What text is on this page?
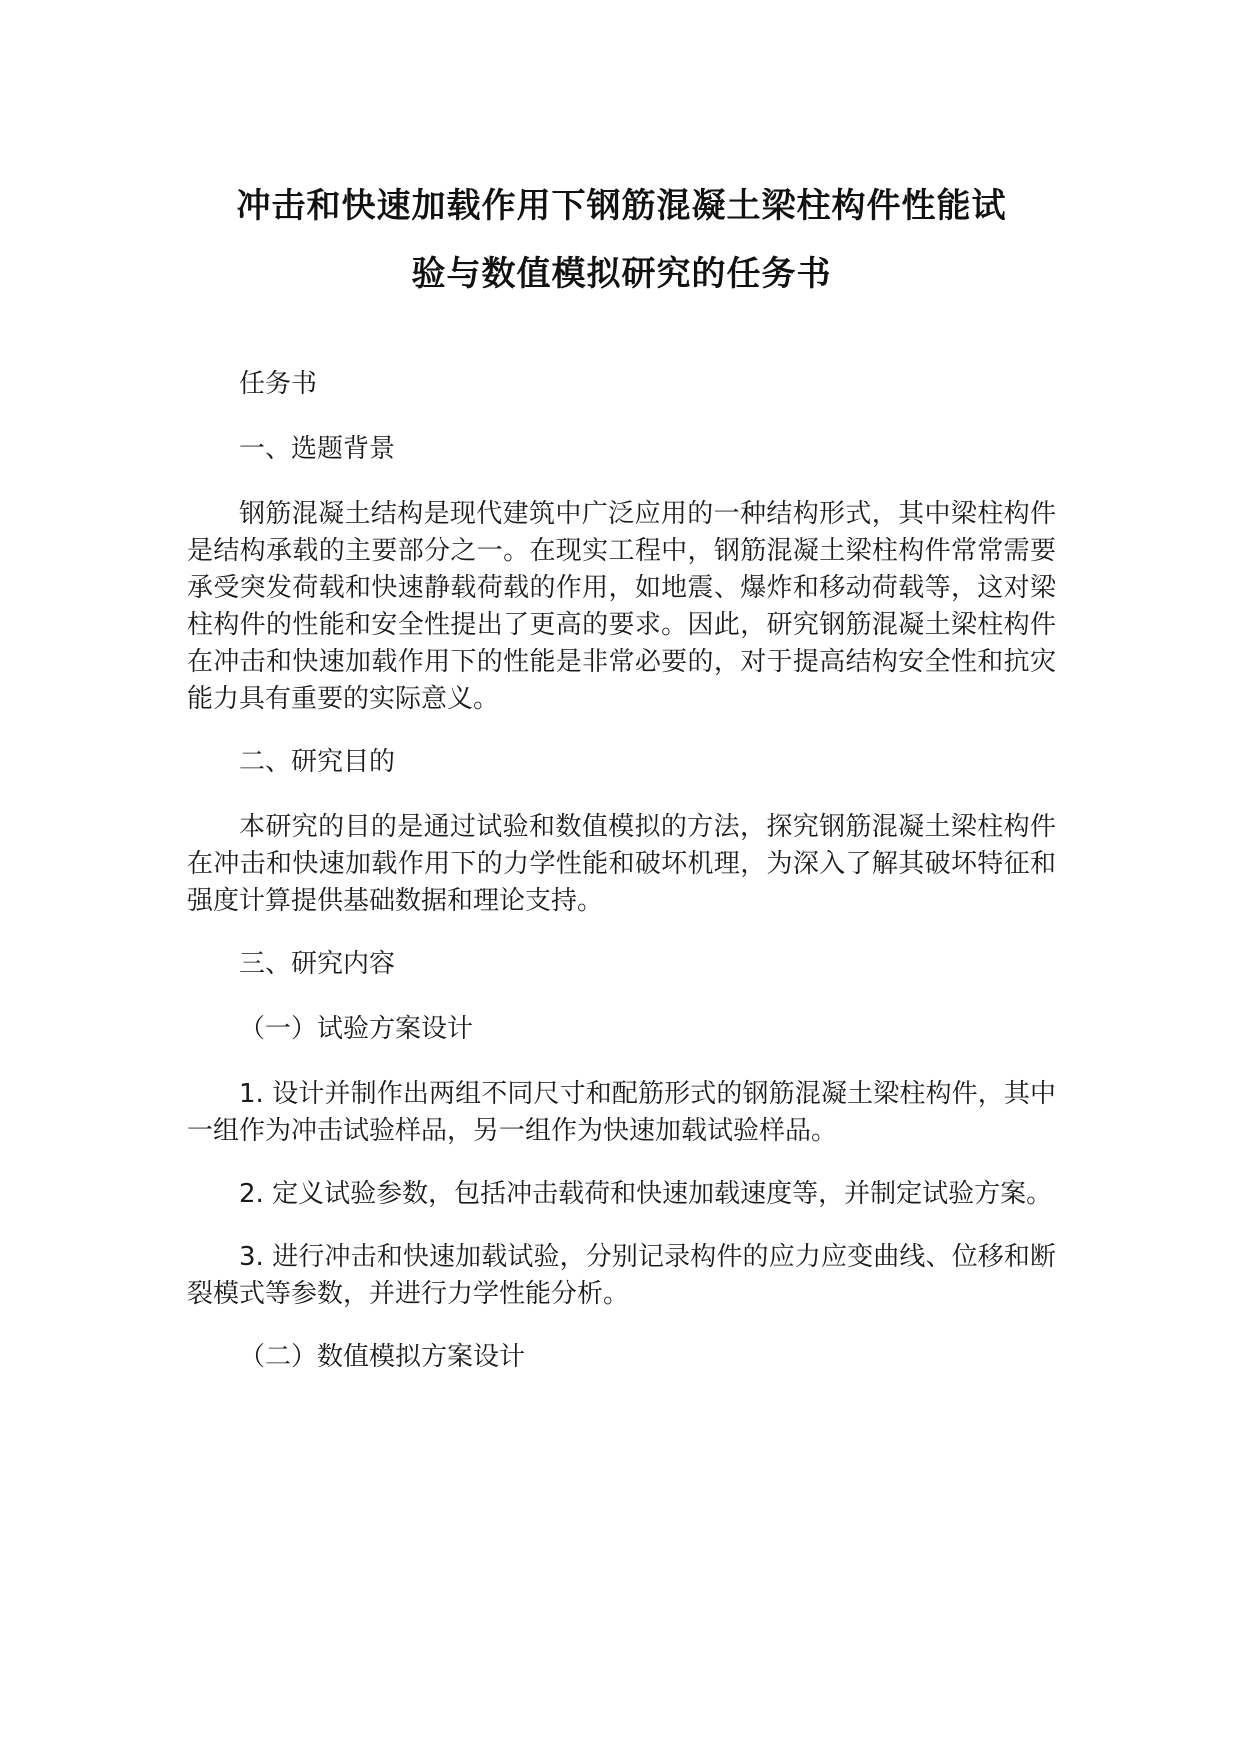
冲击和快速加载作用下钢筋混凝土梁柱构件性能试
验与数值模拟研究的任务书

任务书

一、选题背景

钢筋混凝土结构是现代建筑中广泛应用的一种结构形式，其中梁柱构件是结构承载的主要部分之一。在现实工程中，钢筋混凝土梁柱构件常常需要承受突发荷载和快速静载荷载的作用，如地震、爆炸和移动荷载等，这对梁柱构件的性能和安全性提出了更高的要求。因此，研究钢筋混凝土梁柱构件在冲击和快速加载作用下的性能是非常必要的，对于提高结构安全性和抗灾能力具有重要的实际意义。

二、研究目的

本研究的目的是通过试验和数值模拟的方法，探究钢筋混凝土梁柱构件在冲击和快速加载作用下的力学性能和破坏机理，为深入了解其破坏特征和强度计算提供基础数据和理论支持。

三、研究内容

（一）试验方案设计

1. 设计并制作出两组不同尺寸和配筋形式的钢筋混凝土梁柱构件，其中一组作为冲击试验样品，另一组作为快速加载试验样品。

2. 定义试验参数，包括冲击载荷和快速加载速度等，并制定试验方案。

3. 进行冲击和快速加载试验，分别记录构件的应力应变曲线、位移和断裂模式等参数，并进行力学性能分析。

（二）数值模拟方案设计
